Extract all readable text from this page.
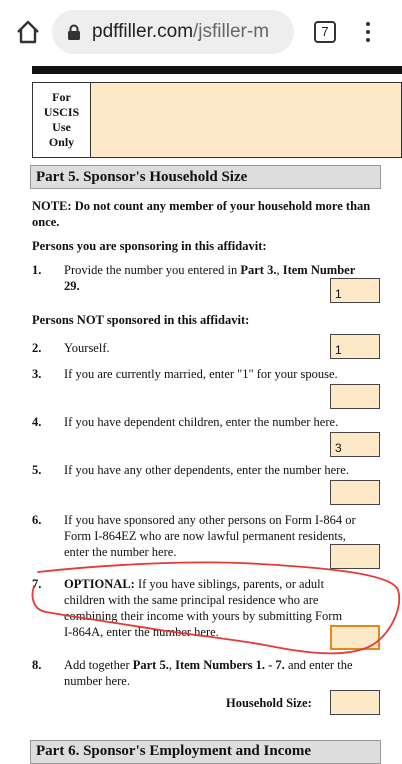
pdffiller.com/jsfiller-m	7
For
USCIS
Use
Only
Part 5. Sponsor's Household Size
NOTE: Do not count any member of your household more than once.
Persons you are sponsoring in this affidavit:
1. Provide the number you entered in Part 3., Item Number
29.
1
Persons NOT sponsored in this affidavit:
2. Yourself.	1
3. If you are currently married, enter "1" for your spouse.
4. If you have dependent children, enter the number here.
3
5. If you have any other dependents, enter the number here.
6. If you have sponsored any other persons on Form I-864 or
Form I-864EZ who are now lawful permanent residents,
enter the number here.
7. OPTIONAL: If you have siblings, parents, or adult
children with the same principal residence who are
combining their income with yours by submitting Form
I-864A, enter the number here.
8. Add together Part 5., Item Numbers 1. - 7. and enter the
number here.
Household Size:
Part 6. Sponsor's Employment and Income
